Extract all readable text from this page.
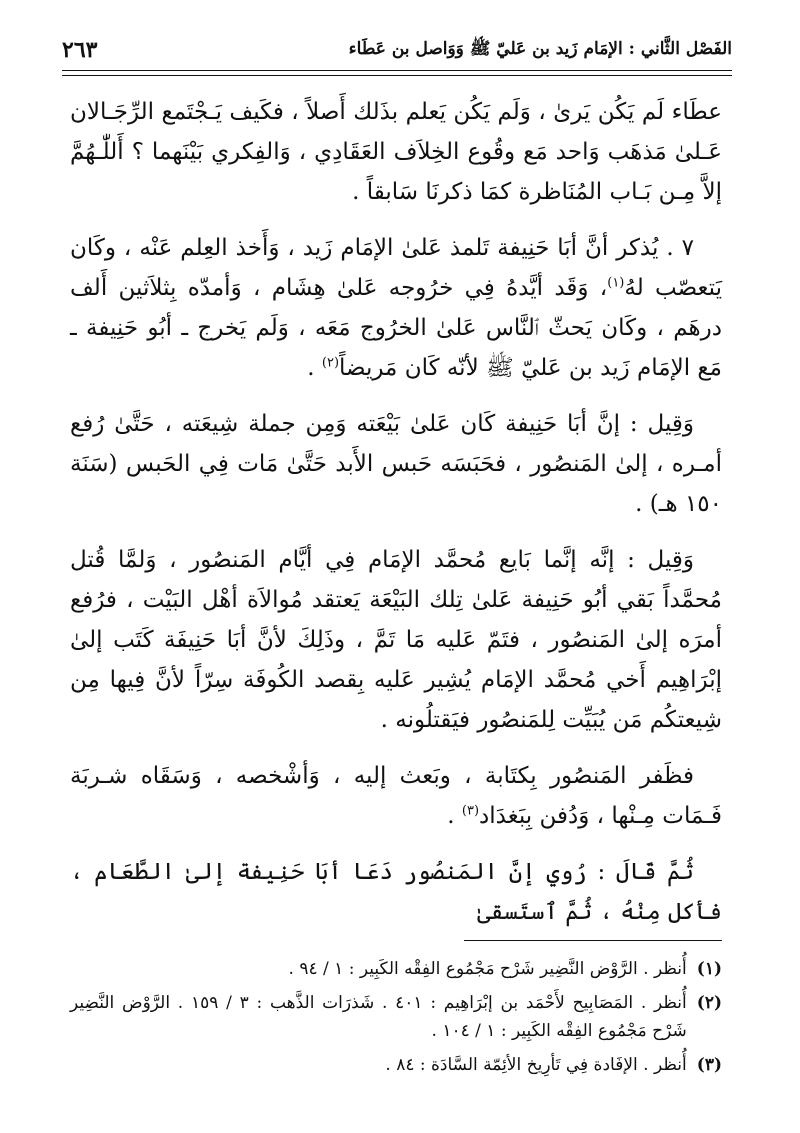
الفَصْل الثَّاني : الإمَام زَيد بن عَليّ ﷺ وَوَاصل بن عَطَاء
٢٦٣

عطَاء لَم يَكُن يَرىٰ ، وَلَم يَكُن يَعلم بذَلك أَصلاً ، فكَيف يَـجْتَمع الرِّجَـالان عَـلىٰ مَذهَب وَاحد مَع وقُوع الخِلاَف العَقَادِي ، وَالفِكري بَيْنَهما ؟ أَللّٰـهُمَّ إلاَّ مِـن بَـاب المُنَاظرة كمَا ذكرنَا سَابقاً .

٧ . يُذكر أنَّ أبَا حَنِيفة تَلمذ عَلىٰ الإمَام زَيد ، وَأَخذ العِلم عَنْه ، وكَان يَتعصّب لهُ$^{(١)}$، وَقَد أيَّدهُ فِي خرُوجه عَلىٰ هِشَام ، وَأمدّه بِثلاَثين أَلف درهَم ، وكَان يَحثّ ٱلنَّاس عَلىٰ الخرُوج مَعَه ، وَلَم يَخرج ـ أبُو حَنِيفة ـ مَع الإمَام زَيد بن عَليّ ﷺ لأنّه كَان مَريضاً$^{(٢)}$ .

وَقِيل : إنَّ أبَا حَنِيفة كَان عَلىٰ بَيْعَته وَمِن جملة شِيعَته ، حَتَّىٰ رُفع أمـره ، إلىٰ المَنصُور ، فحَبَسَه حَبس الأَبد حَتَّىٰ مَات فِي الحَبس (سَنَة ١٥٠ هـ) .

وَقِيل : إنَّه إنَّما بَايع مُحمَّد الإمَام فِي أيَّام المَنصُور ، وَلمَّا قُتل مُحمَّداً بَقي أبُو حَنِيفة عَلىٰ تِلك البَيْعَة يَعتقد مُوالاَة أهْل البَيْت ، فرُفع أمرَه إلىٰ المَنصُور ، فتَمّ عَليه مَا تَمَّ ، وذَلِكَ لأنَّ أبَا حَنِيفَة كَتَب إلىٰ إبْرَاهِيم أَخي مُحمَّد الإمَام يُشِير عَليه بِقصد الكُوفَة سِرّاً لأنَّ فِيها مِن شِيعتكُم مَن يُبَيِّت لِلمَنصُور فيَقتلُونه .

فظَفر المَنصُور بِكتَابة ، وبَعث إليه ، وَأشْخصه ، وَسَقَاه شـربَة فَـمَات مِـنْها ، وَدُفن بِبَغدَاد$^{(٣)}$ .

ثُمَّ قَالَ : رُوي إنَّ المَنصُور دَعَا أبَا حَنِيفة إلىٰ الطَّعَام ، فأكل مِنْهُ ، ثُمَّ ٱستَسقىٰ

(١)
أُنظر . الرَّوْض النَّضِير شَرْح مَجْمُوع الفِقْه الكَبِير : ١ / ٩٤ .
(٢)
أُنظر . المَصَابِيح لأَحْمَد بن إبْرَاهِيم : ٤٠١ . شَذرَات الذَّهب : ٣ / ١٥٩ . الرَّوْض النَّضِير شَرْح مَجْمُوع الفِقْه الكَبِير : ١ / ١٠٤ .
(٣)
أُنظر . الإفَادة فِي تَأرِيخ الأئِمّة السَّادَة : ٨٤ .
